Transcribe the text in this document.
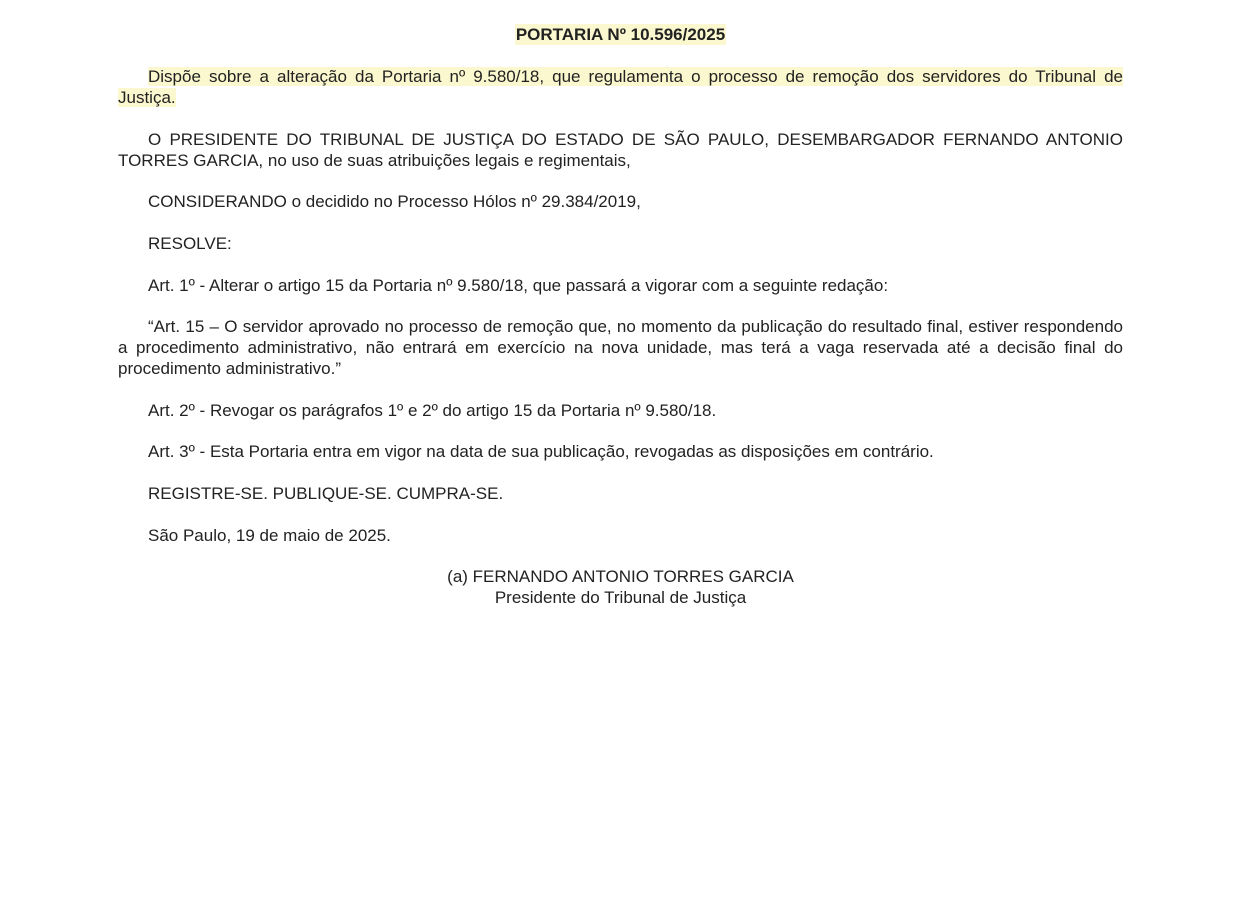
PORTARIA Nº 10.596/2025

Dispõe sobre a alteração da Portaria nº 9.580/18, que regulamenta o processo de remoção dos servidores do Tribunal de Justiça.

O PRESIDENTE DO TRIBUNAL DE JUSTIÇA DO ESTADO DE SÃO PAULO, DESEMBARGADOR FERNANDO ANTONIO TORRES GARCIA, no uso de suas atribuições legais e regimentais,

CONSIDERANDO o decidido no Processo Hólos nº 29.384/2019,

RESOLVE:

Art. 1º - Alterar o artigo 15 da Portaria nº 9.580/18, que passará a vigorar com a seguinte redação:

“Art. 15 – O servidor aprovado no processo de remoção que, no momento da publicação do resultado final, estiver respondendo a procedimento administrativo, não entrará em exercício na nova unidade, mas terá a vaga reservada até a decisão final do procedimento administrativo.”

Art. 2º - Revogar os parágrafos 1º e 2º do artigo 15 da Portaria nº 9.580/18.

Art. 3º - Esta Portaria entra em vigor na data de sua publicação, revogadas as disposições em contrário.

REGISTRE-SE. PUBLIQUE-SE. CUMPRA-SE.

São Paulo, 19 de maio de 2025.

(a) FERNANDO ANTONIO TORRES GARCIA

Presidente do Tribunal de Justiça
